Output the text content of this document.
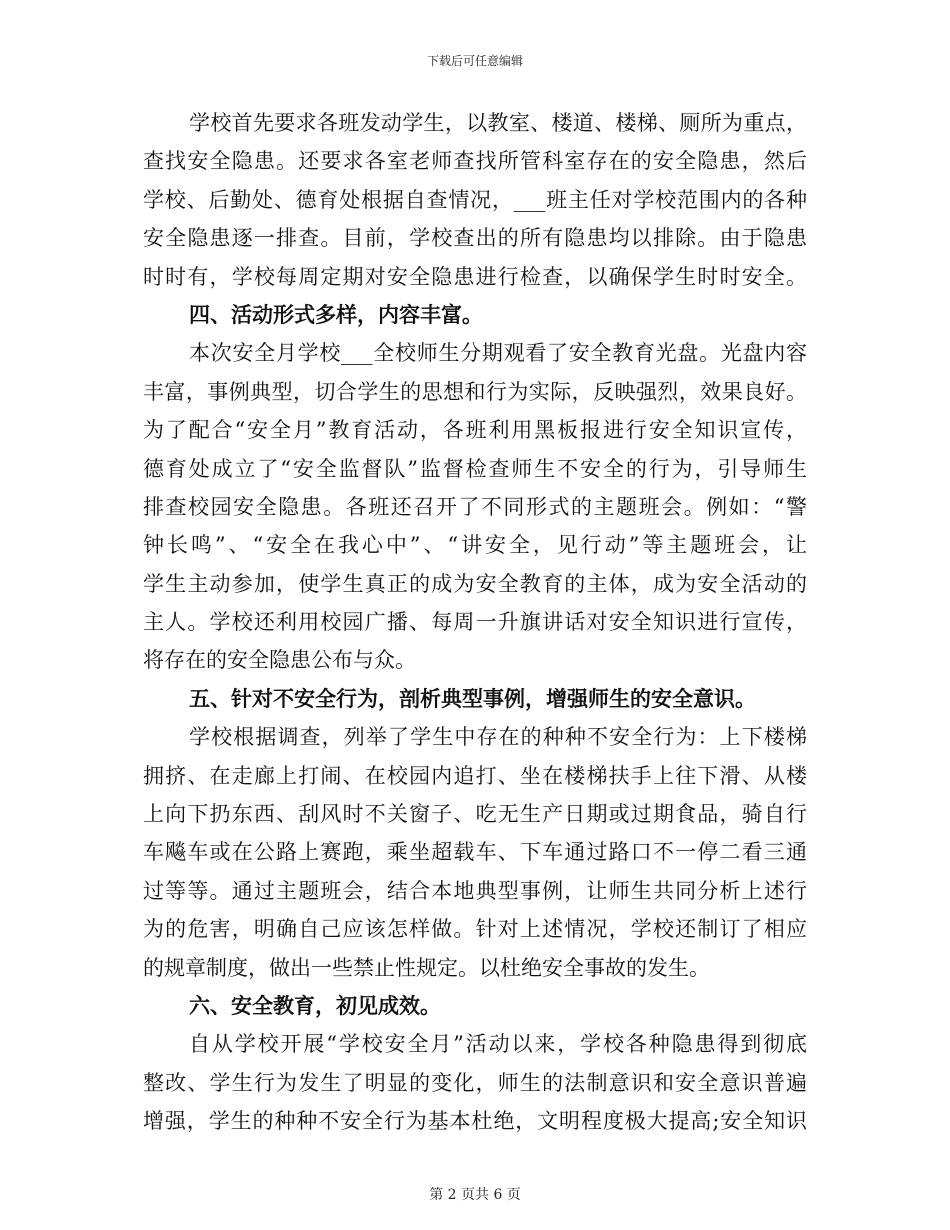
下载后可任意编辑
学校首先要求各班发动学生，以教室、楼道、楼梯、厕所为重点，
查找安全隐患。还要求各室老师查找所管科室存在的安全隐患，然后
学校、后勤处、德育处根据自查情况，___班主任对学校范围内的各种
安全隐患逐一排查。目前，学校查出的所有隐患均以排除。由于隐患
时时有，学校每周定期对安全隐患进行检查，以确保学生时时安全。
四、活动形式多样，内容丰富。
本次安全月学校___全校师生分期观看了安全教育光盘。光盘内容
丰富，事例典型，切合学生的思想和行为实际，反映强烈，效果良好。
为了配合“安全月”教育活动，各班利用黑板报进行安全知识宣传，
德育处成立了“安全监督队”监督检查师生不安全的行为，引导师生
排查校园安全隐患。各班还召开了不同形式的主题班会。例如：“警
钟长鸣”、“安全在我心中”、“讲安全，见行动”等主题班会，让
学生主动参加，使学生真正的成为安全教育的主体，成为安全活动的
主人。学校还利用校园广播、每周一升旗讲话对安全知识进行宣传，
将存在的安全隐患公布与众。
五、针对不安全行为，剖析典型事例，增强师生的安全意识。
学校根据调查，列举了学生中存在的种种不安全行为：上下楼梯
拥挤、在走廊上打闹、在校园内追打、坐在楼梯扶手上往下滑、从楼
上向下扔东西、刮风时不关窗子、吃无生产日期或过期食品，骑自行
车飚车或在公路上赛跑，乘坐超载车、下车通过路口不一停二看三通
过等等。通过主题班会，结合本地典型事例，让师生共同分析上述行
为的危害，明确自己应该怎样做。针对上述情况，学校还制订了相应
的规章制度，做出一些禁止性规定。以杜绝安全事故的发生。
六、安全教育，初见成效。
自从学校开展“学校安全月”活动以来，学校各种隐患得到彻底
整改、学生行为发生了明显的变化，师生的法制意识和安全意识普遍
增强，学生的种种不安全行为基本杜绝，文明程度极大提高;安全知识
第 2 页共 6 页
